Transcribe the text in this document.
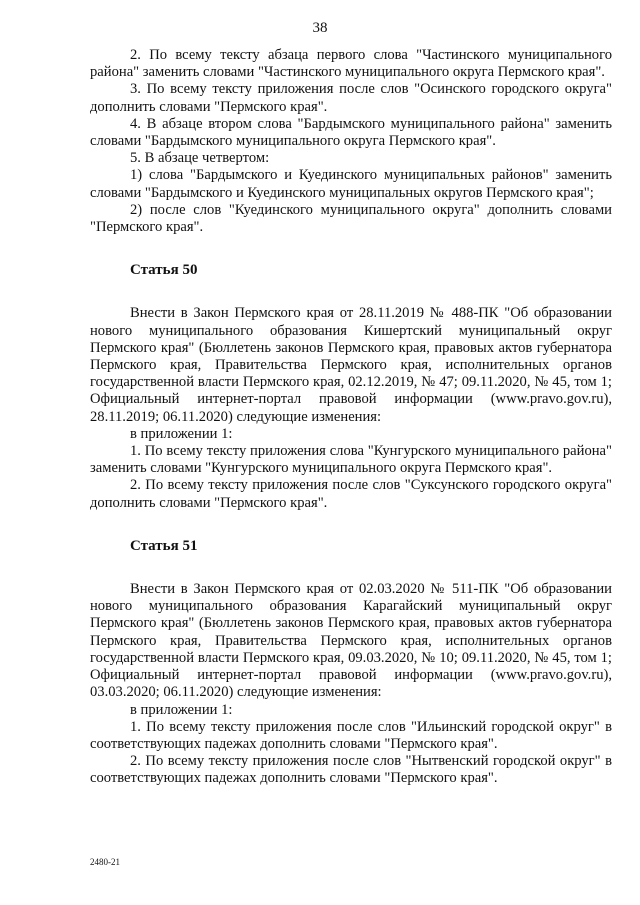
38

2. По всему тексту абзаца первого слова "Частинского муниципального района" заменить словами "Частинского муниципального округа Пермского края".

3. По всему тексту приложения после слов "Осинского городского округа" дополнить словами "Пермского края".

4. В абзаце втором слова "Бардымского муниципального района" заменить словами "Бардымского муниципального округа Пермского края".

5. В абзаце четвертом:

1) слова "Бардымского и Куединского муниципальных районов" заменить словами "Бардымского и Куединского муниципальных округов Пермского края";

2) после слов "Куединского муниципального округа" дополнить словами "Пермского края".

Статья 50

Внести в Закон Пермского края от 28.11.2019 № 488-ПК "Об образовании нового муниципального образования Кишертский муниципальный округ Пермского края" (Бюллетень законов Пермского края, правовых актов губернатора Пермского края, Правительства Пермского края, исполнительных органов государственной власти Пермского края, 02.12.2019, № 47; 09.11.2020, № 45, том 1; Официальный интернет-портал правовой информации (www.pravo.gov.ru), 28.11.2019; 06.11.2020) следующие изменения:

в приложении 1:

1. По всему тексту приложения слова "Кунгурского муниципального района" заменить словами "Кунгурского муниципального округа Пермского края".

2. По всему тексту приложения после слов "Суксунского городского округа" дополнить словами "Пермского края".

Статья 51

Внести в Закон Пермского края от 02.03.2020 № 511-ПК "Об образовании нового муниципального образования Карагайский муниципальный округ Пермского края" (Бюллетень законов Пермского края, правовых актов губернатора Пермского края, Правительства Пермского края, исполнительных органов государственной власти Пермского края, 09.03.2020, № 10; 09.11.2020, № 45, том 1; Официальный интернет-портал правовой информации (www.pravo.gov.ru), 03.03.2020; 06.11.2020) следующие изменения:

в приложении 1:

1. По всему тексту приложения после слов "Ильинский городской округ" в соответствующих падежах дополнить словами "Пермского края".

2. По всему тексту приложения после слов "Нытвенский городской округ" в соответствующих падежах дополнить словами "Пермского края".

2480-21
